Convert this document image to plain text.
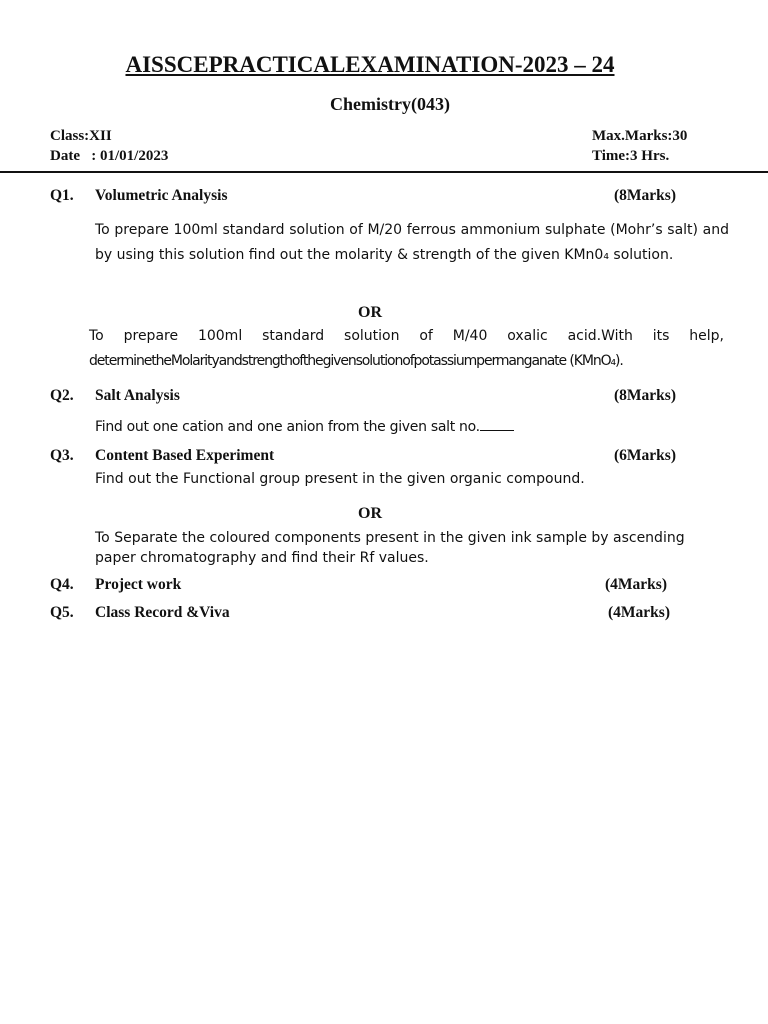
AISSCEPRACTICALEXAMINATION-2023 – 24
Chemistry(043)
Class:XII
Date   : 01/01/2023
Max.Marks:30
Time:3 Hrs.
Q1. Volumetric Analysis	(8Marks)
To prepare 100ml standard solution of M/20 ferrous ammonium sulphate (Mohr’s salt) and by using this solution find out the molarity & strength of the given KMn0₄ solution.
OR
To prepare 100ml standard solution of M/40 oxalic acid.With its help,
determinetheMolarityandstrengthofthegivensolutionofpotassiumpermanganate (KMnO₄).
Q2. Salt Analysis	(8Marks)
Find out one cation and one anion from the given salt no.
Q3. Content Based Experiment	(6Marks)
Find out the Functional group present in the given organic compound.
OR
To Separate the coloured components present in the given ink sample by ascending paper chromatography and find their Rf values.
Q4. Project work	(4Marks)
Q5. Class Record &Viva	(4Marks)
